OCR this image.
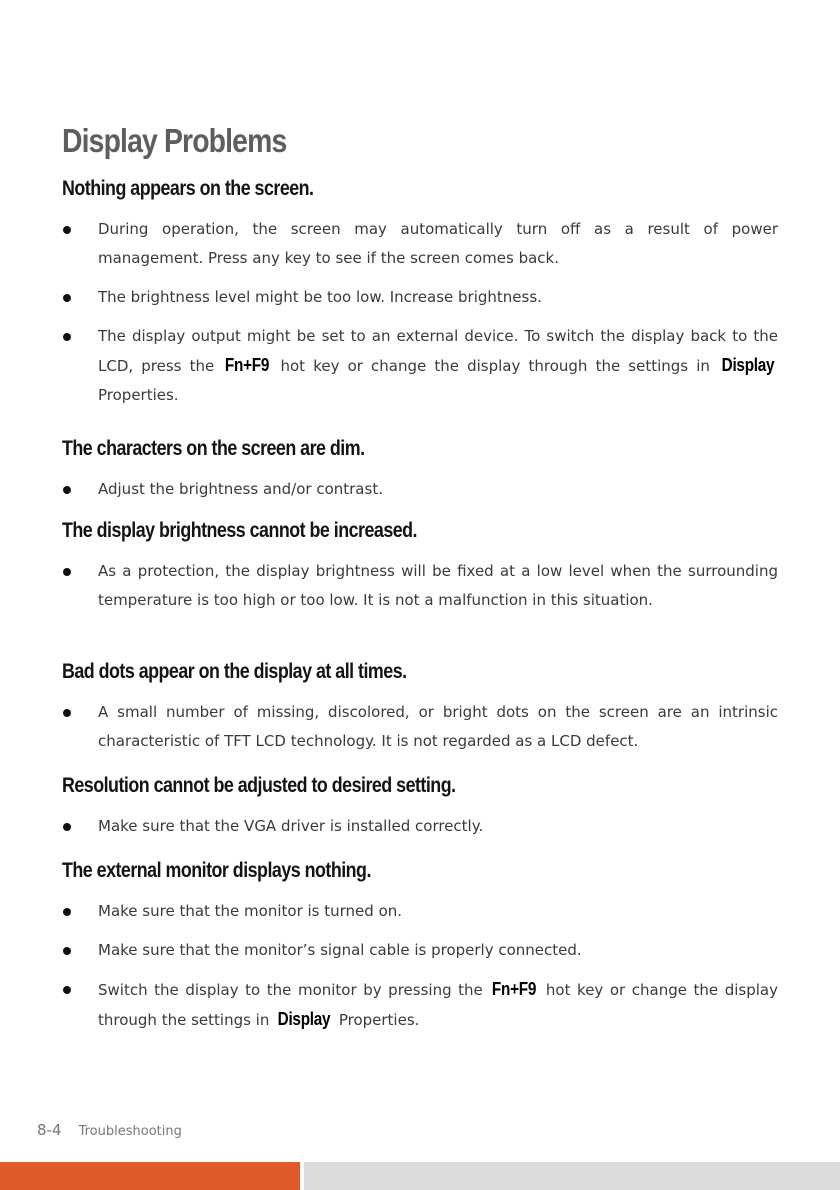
Display Problems
Nothing appears on the screen.
During operation, the screen may automatically turn off as a result of power management. Press any key to see if the screen comes back.
The brightness level might be too low. Increase brightness.
The display output might be set to an external device. To switch the display back to the LCD, press the Fn+F9 hot key or change the display through the settings in Display Properties.
The characters on the screen are dim.
Adjust the brightness and/or contrast.
The display brightness cannot be increased.
As a protection, the display brightness will be fixed at a low level when the surrounding temperature is too high or too low. It is not a malfunction in this situation.
Bad dots appear on the display at all times.
A small number of missing, discolored, or bright dots on the screen are an intrinsic characteristic of TFT LCD technology. It is not regarded as a LCD defect.
Resolution cannot be adjusted to desired setting.
Make sure that the VGA driver is installed correctly.
The external monitor displays nothing.
Make sure that the monitor is turned on.
Make sure that the monitor’s signal cable is properly connected.
Switch the display to the monitor by pressing the Fn+F9 hot key or change the display through the settings in Display Properties.
8-4 Troubleshooting
